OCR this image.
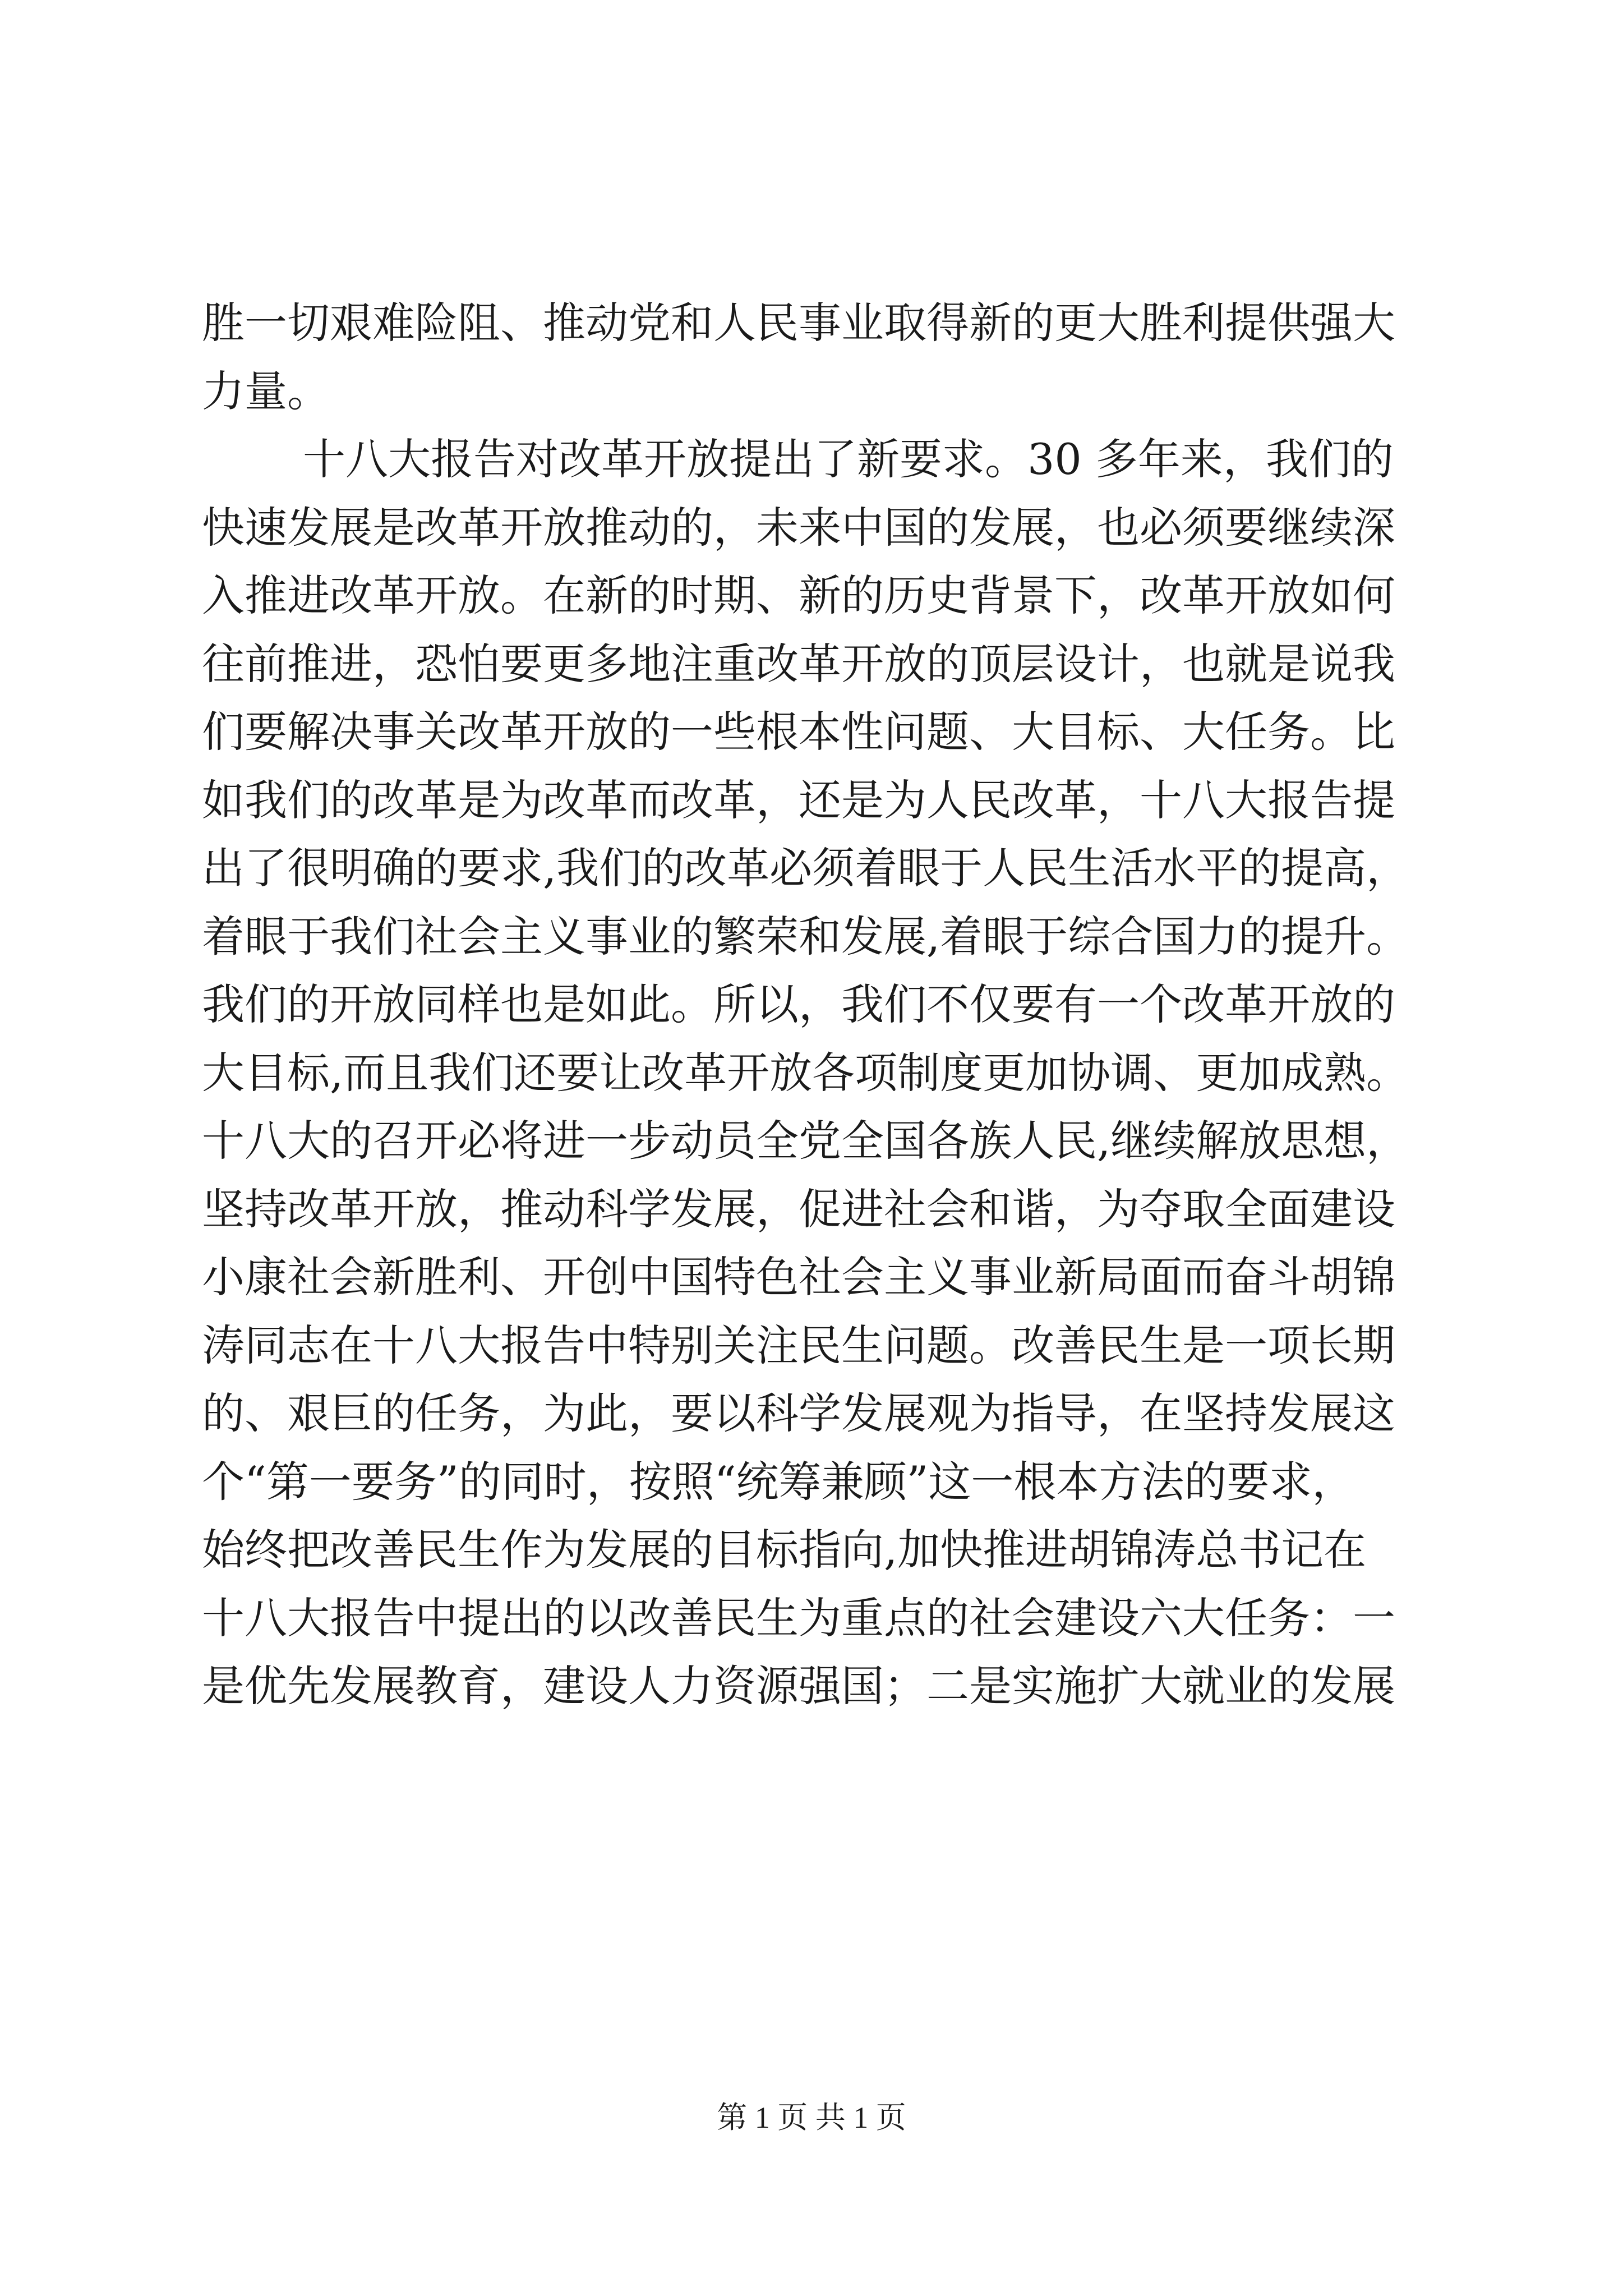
胜一切艰难险阻、推动党和人民事业取得新的更大胜利提供强大
力量。
十八大报告对改革开放提出了新要求。30 多年来，我们的
快速发展是改革开放推动的，未来中国的发展，也必须要继续深
入推进改革开放。在新的时期、新的历史背景下，改革开放如何
往前推进，恐怕要更多地注重改革开放的顶层设计，也就是说我
们要解决事关改革开放的一些根本性问题、大目标、大任务。比
如我们的改革是为改革而改革，还是为人民改革，十八大报告提
出了很明确的要求,我们的改革必须着眼于人民生活水平的提高，
着眼于我们社会主义事业的繁荣和发展,着眼于综合国力的提升。
我们的开放同样也是如此。所以，我们不仅要有一个改革开放的
大目标,而且我们还要让改革开放各项制度更加协调、更加成熟。
十八大的召开必将进一步动员全党全国各族人民,继续解放思想，
坚持改革开放，推动科学发展，促进社会和谐，为夺取全面建设
小康社会新胜利、开创中国特色社会主义事业新局面而奋斗胡锦
涛同志在十八大报告中特别关注民生问题。改善民生是一项长期
的、艰巨的任务，为此，要以科学发展观为指导，在坚持发展这
个“第一要务”的同时，按照“统筹兼顾”这一根本方法的要求，
始终把改善民生作为发展的目标指向,加快推进胡锦涛总书记在
十八大报告中提出的以改善民生为重点的社会建设六大任务：一
是优先发展教育，建设人力资源强国；二是实施扩大就业的发展
第 1 页 共 1 页
